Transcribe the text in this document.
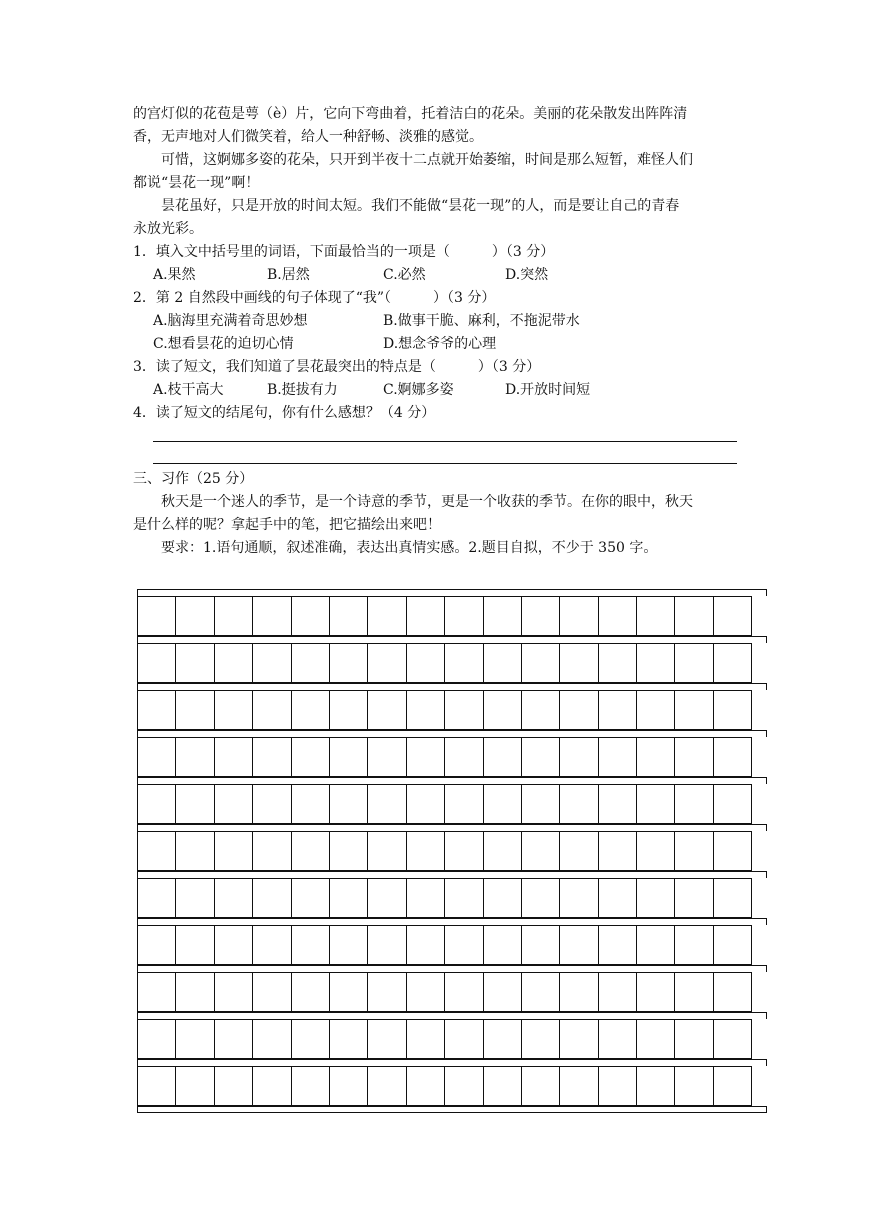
的宫灯似的花苞是萼（è）片，它向下弯曲着，托着洁白的花朵。美丽的花朵散发出阵阵清
香，无声地对人们微笑着，给人一种舒畅、淡雅的感觉。
可惜，这婀娜多姿的花朵，只开到半夜十二点就开始萎缩，时间是那么短暂，难怪人们
都说“昙花一现”啊！
昙花虽好，只是开放的时间太短。我们不能做“昙花一现”的人，而是要让自己的青春
永放光彩。
1．填入文中括号里的词语，下面最恰当的一项是（　　　）（3 分）
A.果然	B.居然	C.必然	D.突然
2．第 2 自然段中画线的句子体现了“我”（　　　）（3 分）
A.脑海里充满着奇思妙想	B.做事干脆、麻利，不拖泥带水
C.想看昙花的迫切心情	D.想念爷爷的心理
3．读了短文，我们知道了昙花最突出的特点是（　　　）（3 分）
A.枝干高大	B.挺拔有力	C.婀娜多姿	D.开放时间短
4．读了短文的结尾句，你有什么感想？（4 分）
三、习作（25 分）
秋天是一个迷人的季节，是一个诗意的季节，更是一个收获的季节。在你的眼中，秋天
是什么样的呢？拿起手中的笔，把它描绘出来吧！
要求：1.语句通顺，叙述准确，表达出真情实感。2.题目自拟，不少于 350 字。
